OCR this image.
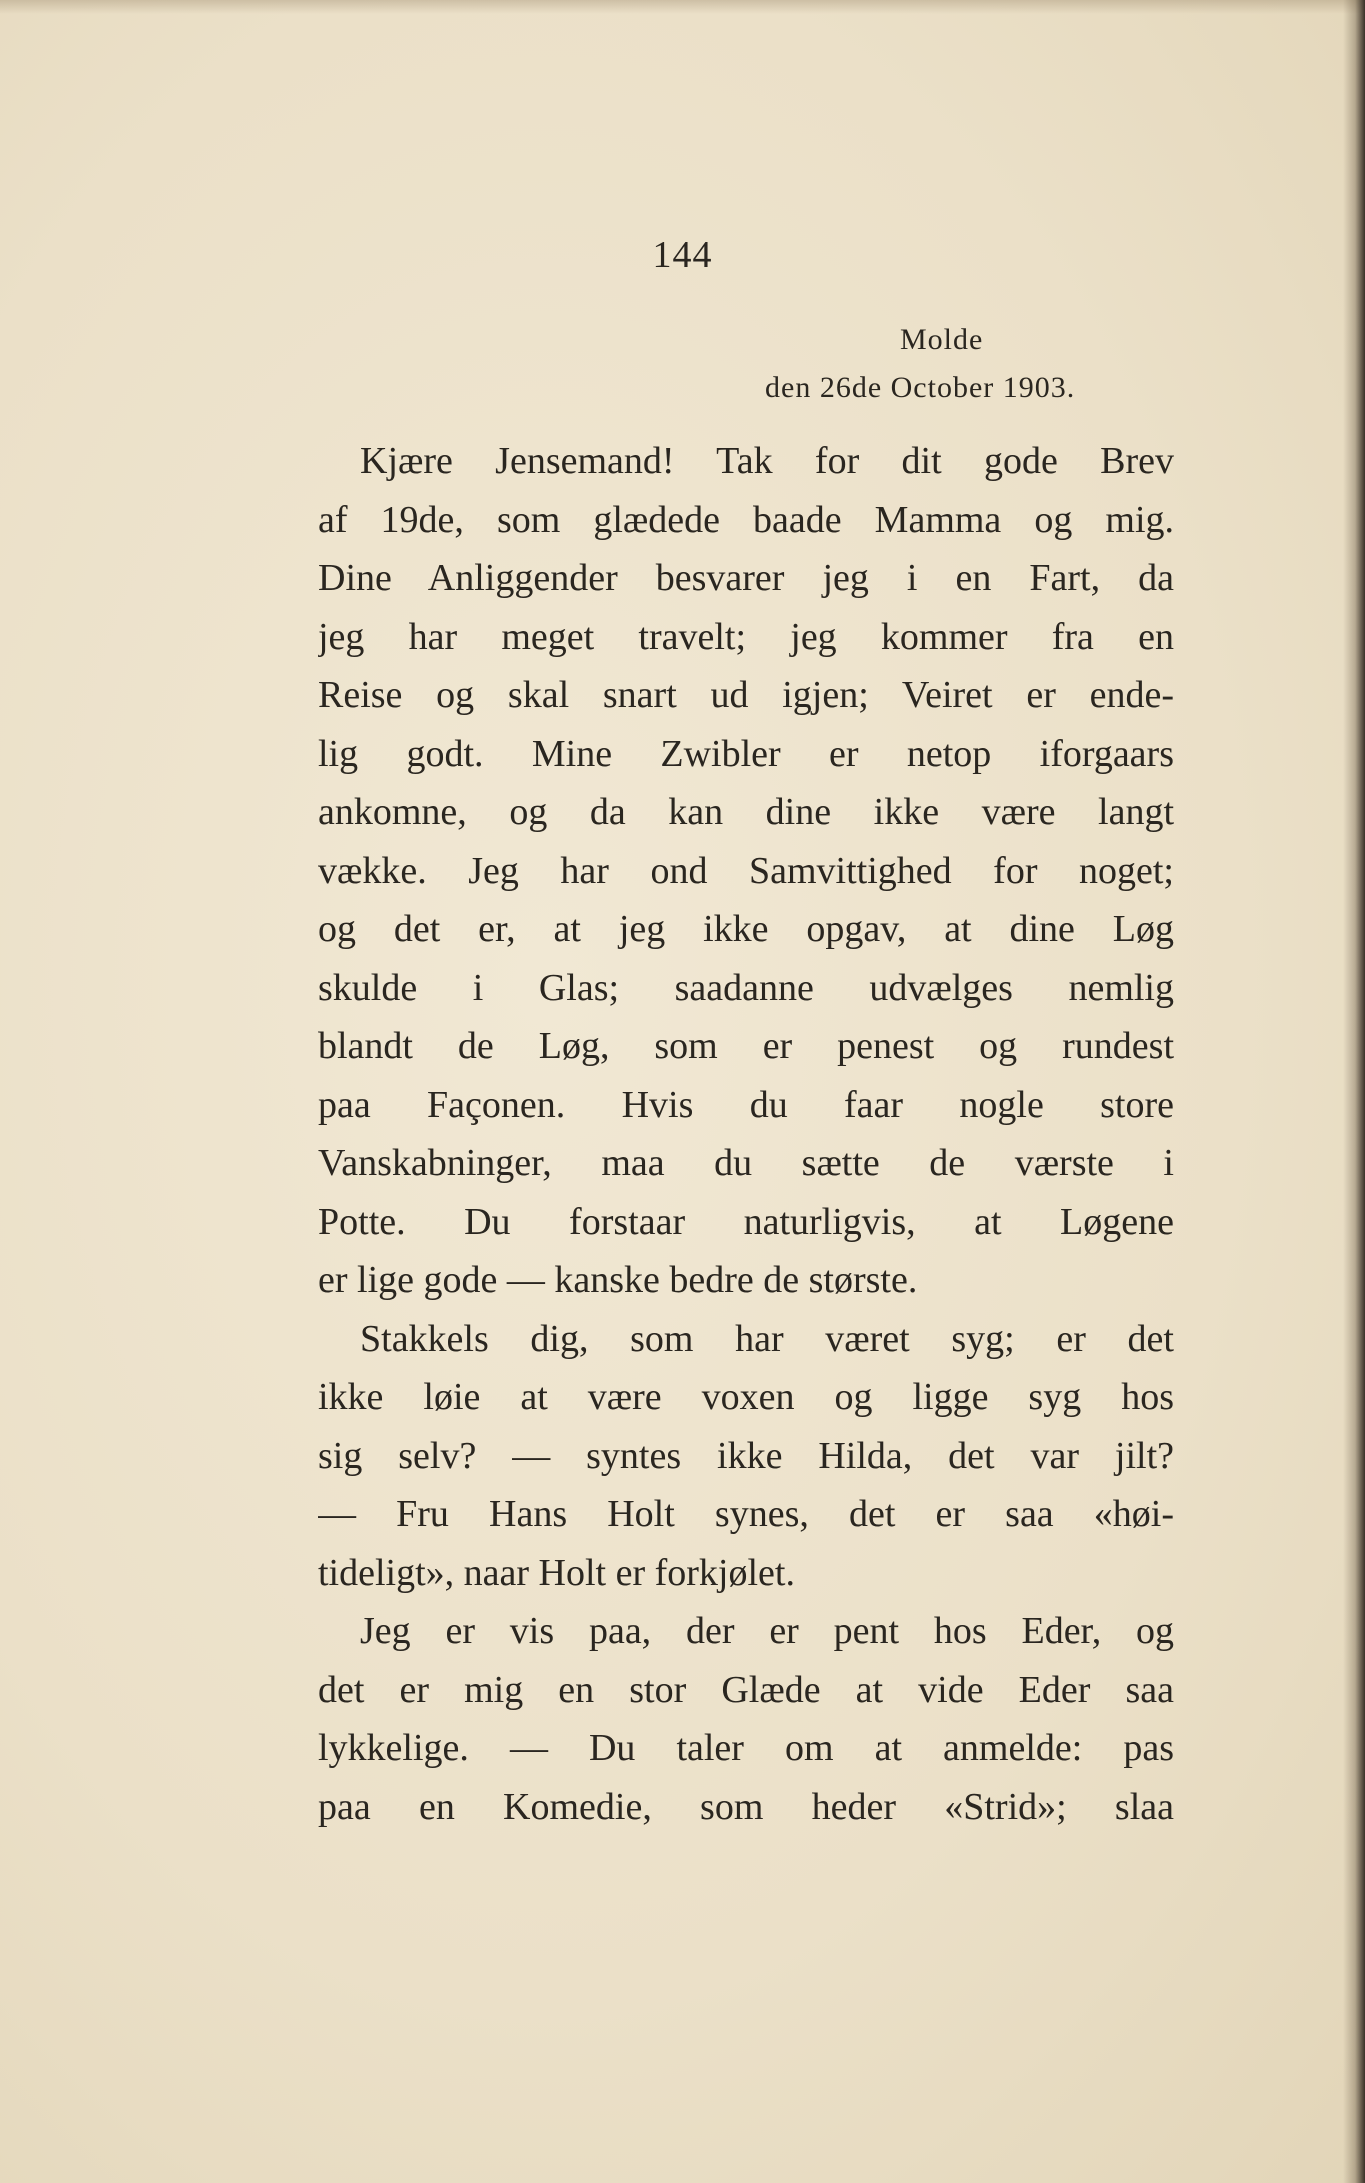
144
Molde
den 26de October 1903.
Kjære Jensemand! Tak for dit gode Brev
af 19de, som glædede baade Mamma og mig.
Dine Anliggender besvarer jeg i en Fart, da
jeg har meget travelt; jeg kommer fra en
Reise og skal snart ud igjen; Veiret er ende-
lig godt. Mine Zwibler er netop iforgaars
ankomne, og da kan dine ikke være langt
vække. Jeg har ond Samvittighed for noget;
og det er, at jeg ikke opgav, at dine Løg
skulde i Glas; saadanne udvælges nemlig
blandt de Løg, som er penest og rundest
paa Façonen. Hvis du faar nogle store
Vanskabninger, maa du sætte de værste i
Potte. Du forstaar naturligvis, at Løgene
er lige gode — kanske bedre de største.
Stakkels dig, som har været syg; er det
ikke løie at være voxen og ligge syg hos
sig selv? — syntes ikke Hilda, det var jilt?
— Fru Hans Holt synes, det er saa «høi-
tideligt», naar Holt er forkjølet.
Jeg er vis paa, der er pent hos Eder, og
det er mig en stor Glæde at vide Eder saa
lykkelige. — Du taler om at anmelde: pas
paa en Komedie, som heder «Strid»; slaa
